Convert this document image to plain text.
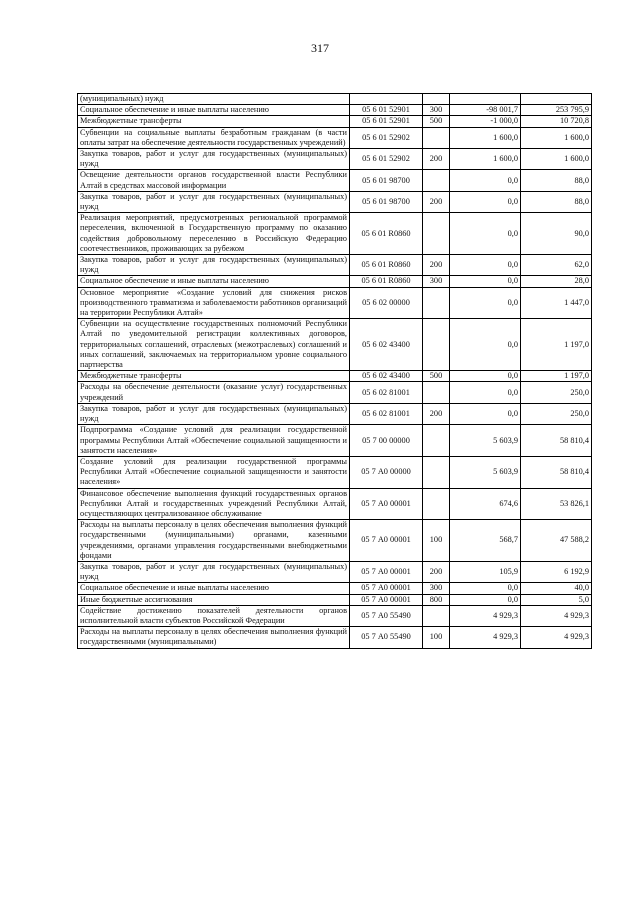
317
(муниципальных) нужд				
Социальное обеспечение и иные выплаты населению	05 6 01 52901	300	-98 001,7	253 795,9
Межбюджетные трансферты	05 6 01 52901	500	-1 000,0	10 720,8
Субвенции на социальные выплаты безработным гражданам (в части оплаты затрат на обеспечение деятельности государственных учреждений)	05 6 01 52902		1 600,0	1 600,0
Закупка товаров, работ и услуг для государственных (муниципальных) нужд	05 6 01 52902	200	1 600,0	1 600,0
Освещение деятельности органов государственной власти Республики Алтай в средствах массовой информации	05 6 01 98700		0,0	88,0
Закупка товаров, работ и услуг для государственных (муниципальных) нужд	05 6 01 98700	200	0,0	88,0
Реализация мероприятий, предусмотренных региональной программой переселения, включенной в Государственную программу по оказанию содействия добровольному переселению в Российскую Федерацию соотечественников, проживающих за рубежом	05 6 01 R0860		0,0	90,0
Закупка товаров, работ и услуг для государственных (муниципальных) нужд	05 6 01 R0860	200	0,0	62,0
Социальное обеспечение и иные выплаты населению	05 6 01 R0860	300	0,0	28,0
Основное мероприятие «Создание условий для снижения рисков производственного травматизма и заболеваемости работников организаций на территории Республики Алтай»	05 6 02 00000		0,0	1 447,0
Субвенции на осуществление государственных полномочий Республики Алтай по уведомительной регистрации коллективных договоров, территориальных соглашений, отраслевых (межотраслевых) соглашений и иных соглашений, заключаемых на территориальном уровне социального партнерства	05 6 02 43400		0,0	1 197,0
Межбюджетные трансферты	05 6 02 43400	500	0,0	1 197,0
Расходы на обеспечение деятельности (оказание услуг) государственных учреждений	05 6 02 81001		0,0	250,0
Закупка товаров, работ и услуг для государственных (муниципальных) нужд	05 6 02 81001	200	0,0	250,0
Подпрограмма «Создание условий для реализации государственной программы Республики Алтай «Обеспечение социальной защищенности и занятости населения»	05 7 00 00000		5 603,9	58 810,4
Создание условий для реализации государственной программы Республики Алтай «Обеспечение социальной защищенности и занятости населения»	05 7 А0 00000		5 603,9	58 810,4
Финансовое обеспечение выполнения функций государственных органов Республики Алтай и государственных учреждений Республики Алтай, осуществляющих централизованное обслуживание	05 7 А0 00001		674,6	53 826,1
Расходы на выплаты персоналу в целях обеспечения выполнения функций государственными (муниципальными) органами, казенными учреждениями, органами управления государственными внебюджетными фондами	05 7 А0 00001	100	568,7	47 588,2
Закупка товаров, работ и услуг для государственных (муниципальных) нужд	05 7 А0 00001	200	105,9	6 192,9
Социальное обеспечение и иные выплаты населению	05 7 А0 00001	300	0,0	40,0
Иные бюджетные ассигнования	05 7 А0 00001	800	0,0	5,0
Содействие достижению показателей деятельности органов исполнительной власти субъектов Российской Федерации	05 7 А0 55490		4 929,3	4 929,3
Расходы на выплаты персоналу в целях обеспечения выполнения функций государственными (муниципальными)	05 7 А0 55490	100	4 929,3	4 929,3
